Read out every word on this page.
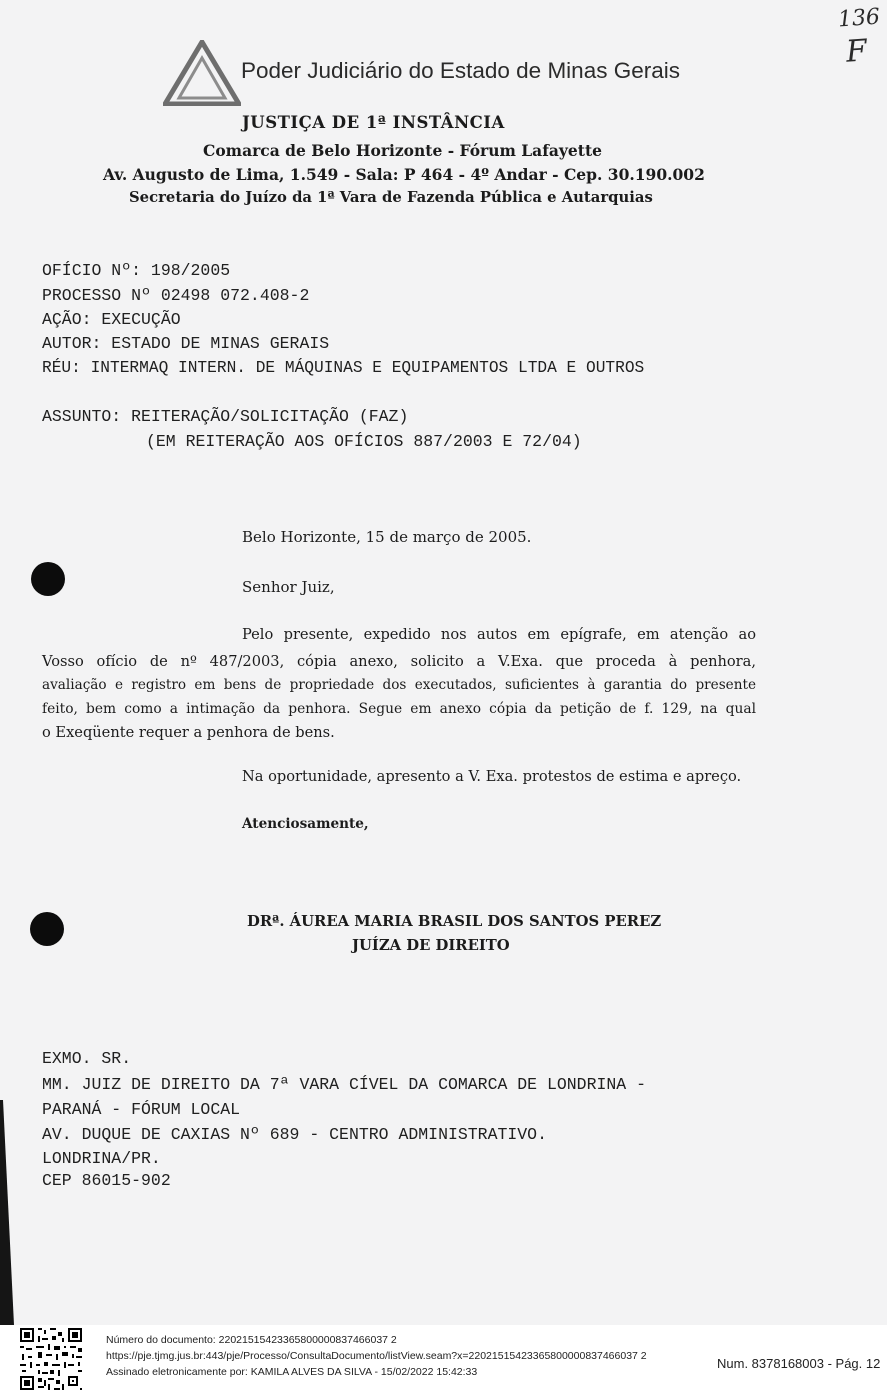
Poder Judiciário do Estado de Minas Gerais
JUSTIÇA DE 1ª INSTÂNCIA
Comarca de Belo Horizonte - Fórum Lafayette
Av. Augusto de Lima, 1.549 - Sala: P 464 - 4º Andar - Cep. 30.190.002
Secretaria do Juízo da 1ª Vara de Fazenda Pública e Autarquias
136
F
OFÍCIO Nº: 198/2005
PROCESSO Nº 02498 072.408-2
AÇÃO: EXECUÇÃO
AUTOR: ESTADO DE MINAS GERAIS
RÉU: INTERMAQ INTERN. DE MÁQUINAS E EQUIPAMENTOS LTDA E OUTROS
ASSUNTO: REITERAÇÃO/SOLICITAÇÃO (FAZ)
(EM REITERAÇÃO AOS OFÍCIOS 887/2003 E 72/04)
Belo Horizonte, 15 de março de 2005.
Senhor Juiz,
Pelo presente, expedido nos autos em epígrafe, em atenção ao
Vosso ofício de nº 487/2003, cópia anexo, solicito a V.Exa. que proceda à penhora,
avaliação e registro em bens de propriedade dos executados, suficientes à garantia do presente
feito, bem como a intimação da penhora. Segue em anexo cópia da petição de f. 129, na qual
o Exeqüente requer a penhora de bens.
Na oportunidade, apresento a V. Exa. protestos de estima e apreço.
Atenciosamente,
DRª. ÁUREA MARIA BRASIL DOS SANTOS PEREZ
JUÍZA DE DIREITO
EXMO. SR.
MM. JUIZ DE DIREITO DA 7ª VARA CÍVEL DA COMARCA DE LONDRINA -
PARANÁ - FÓRUM LOCAL
AV. DUQUE DE CAXIAS Nº 689 - CENTRO ADMINISTRATIVO.
LONDRINA/PR.
CEP 86015-902
Número do documento: 22021515423365800000837466037 2
https://pje.tjmg.jus.br:443/pje/Processo/ConsultaDocumento/listView.seam?x=22021515423365800000837466037 2
Assinado eletronicamente por: KAMILA ALVES DA SILVA - 15/02/2022 15:42:33
Num. 8378168003 - Pág. 12
